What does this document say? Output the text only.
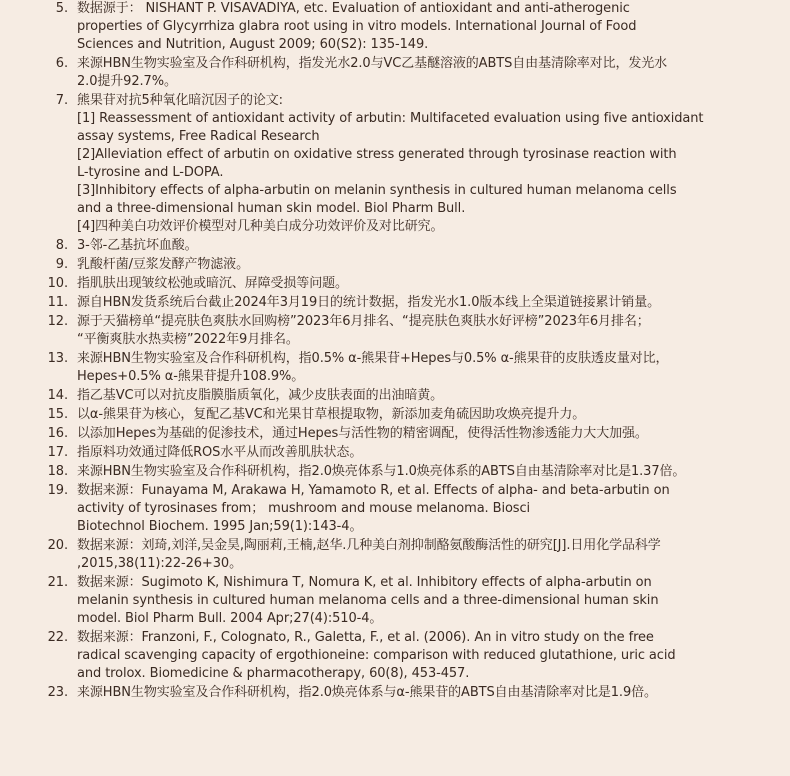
5. 数据源于： NISHANT P. VISAVADIYA, etc. Evaluation of antioxidant and anti-atherogenic
properties of Glycyrrhiza glabra root using in vitro models. International Journal of Food
Sciences and Nutrition, August 2009; 60(S2): 135-149.
6. 来源HBN生物实验室及合作科研机构，指发光水2.0与VC乙基醚溶液的ABTS自由基清除率对比，发光水
2.0提升92.7%。
7. 熊果苷对抗5种氧化暗沉因子的论文:
[1] Reassessment of antioxidant activity of arbutin: Multifaceted evaluation using five antioxidant
assay systems, Free Radical Research
[2]Alleviation effect of arbutin on oxidative stress generated through tyrosinase reaction with
L-tyrosine and L-DOPA.
[3]Inhibitory effects of alpha-arbutin on melanin synthesis in cultured human melanoma cells
and a three-dimensional human skin model. Biol Pharm Bull.
[4]四种美白功效评价模型对几种美白成分功效评价及对比研究。
8. 3-邻-乙基抗坏血酸。
9. 乳酸杆菌/豆浆发酵产物滤液。
10. 指肌肤出现皱纹松弛或暗沉、屏障受损等问题。
11. 源自HBN发货系统后台截止2024年3月19日的统计数据，指发光水1.0版本线上全渠道链接累计销量。
12. 源于天猫榜单“提亮肤色爽肤水回购榜”2023年6月排名、“提亮肤色爽肤水好评榜”2023年6月排名；
“平衡爽肤水热卖榜”2022年9月排名。
13. 来源HBN生物实验室及合作科研机构，指0.5% α-熊果苷+Hepes与0.5% α-熊果苷的皮肤透皮量对比，
Hepes+0.5% α-熊果苷提升108.9%。
14. 指乙基VC可以对抗皮脂膜脂质氧化，减少皮肤表面的出油暗黄。
15. 以α-熊果苷为核心，复配乙基VC和光果甘草根提取物，新添加麦角硫因助攻焕亮提升力。
16. 以添加Hepes为基础的促渗技术，通过Hepes与活性物的精密调配，使得活性物渗透能力大大加强。
17. 指原料功效通过降低ROS水平从而改善肌肤状态。
18. 来源HBN生物实验室及合作科研机构，指2.0焕亮体系与1.0焕亮体系的ABTS自由基清除率对比是1.37倍。
19. 数据来源：Funayama M, Arakawa H, Yamamoto R, et al. Effects of alpha- and beta-arbutin on
activity of tyrosinases from； mushroom and mouse melanoma. Biosci
Biotechnol Biochem. 1995 Jan;59(1):143-4。
20. 数据来源：刘琦,刘洋,吴金昊,陶丽莉,王楠,赵华.几种美白剂抑制酪氨酸酶活性的研究[J].日用化学品科学
,2015,38(11):22-26+30。
21. 数据来源：Sugimoto K, Nishimura T, Nomura K, et al. Inhibitory effects of alpha-arbutin on
melanin synthesis in cultured human melanoma cells and a three-dimensional human skin
model. Biol Pharm Bull. 2004 Apr;27(4):510-4。
22. 数据来源：Franzoni, F., Colognato, R., Galetta, F., et al. (2006). An in vitro study on the free
radical scavenging capacity of ergothioneine: comparison with reduced glutathione, uric acid
and trolox. Biomedicine & pharmacotherapy, 60(8), 453-457.
23. 来源HBN生物实验室及合作科研机构，指2.0焕亮体系与α-熊果苷的ABTS自由基清除率对比是1.9倍。
